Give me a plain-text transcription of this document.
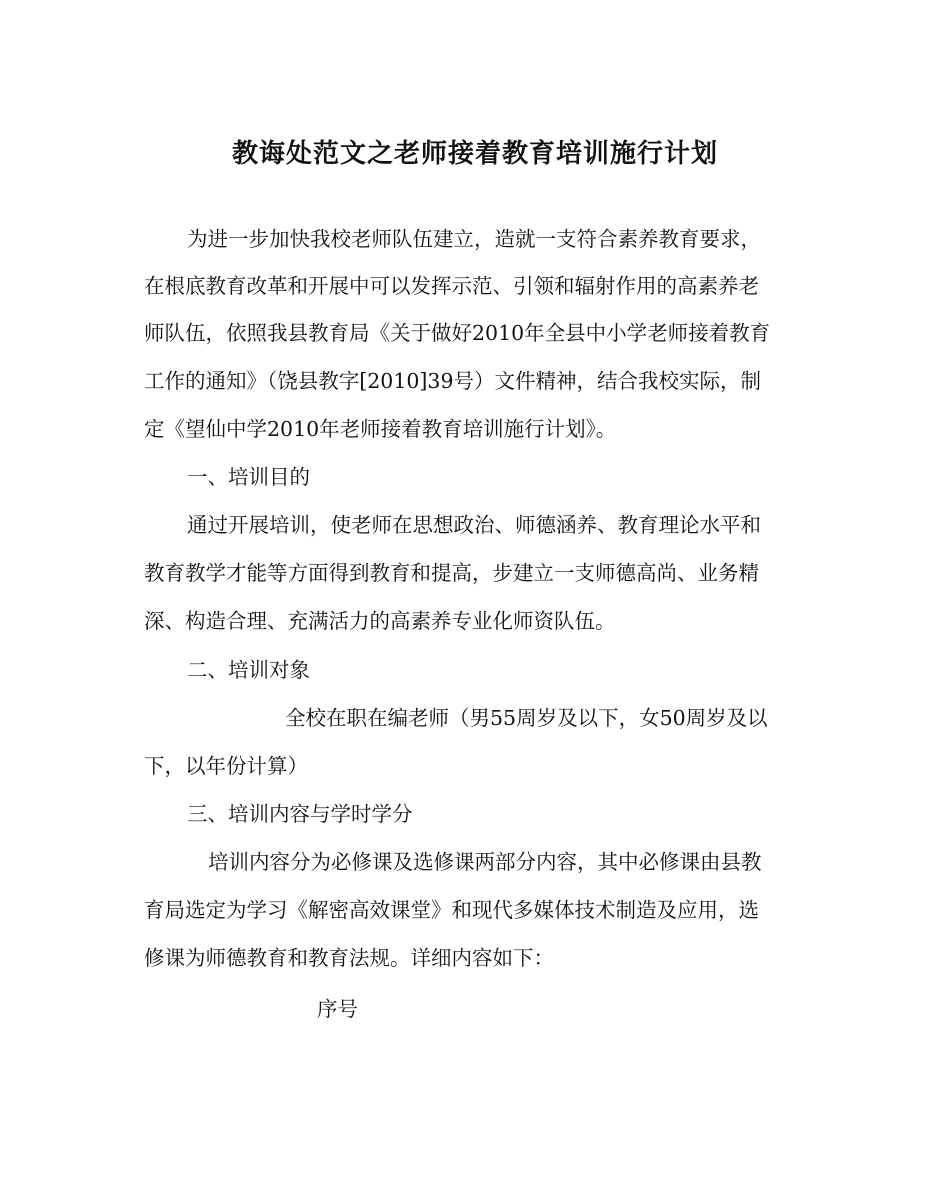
教诲处范文之老师接着教育培训施行计划
为进一步加快我校老师队伍建立，造就一支符合素养教育要求，
在根底教育改革和开展中可以发挥示范、引领和辐射作用的高素养老
师队伍，依照我县教育局《关于做好2010年全县中小学老师接着教育
工作的通知》（饶县教字[2010]39号）文件精神，结合我校实际，制
定《望仙中学2010年老师接着教育培训施行计划》。
一、培训目的
通过开展培训，使老师在思想政治、师德涵养、教育理论水平和
教育教学才能等方面得到教育和提高，步建立一支师德高尚、业务精
深、构造合理、充满活力的高素养专业化师资队伍。
二、培训对象
全校在职在编老师（男55周岁及以下，女50周岁及以
下，以年份计算）
三、培训内容与学时学分
培训内容分为必修课及选修课两部分内容，其中必修课由县教
育局选定为学习《解密高效课堂》和现代多媒体技术制造及应用，选
修课为师德教育和教育法规。详细内容如下：
序号
